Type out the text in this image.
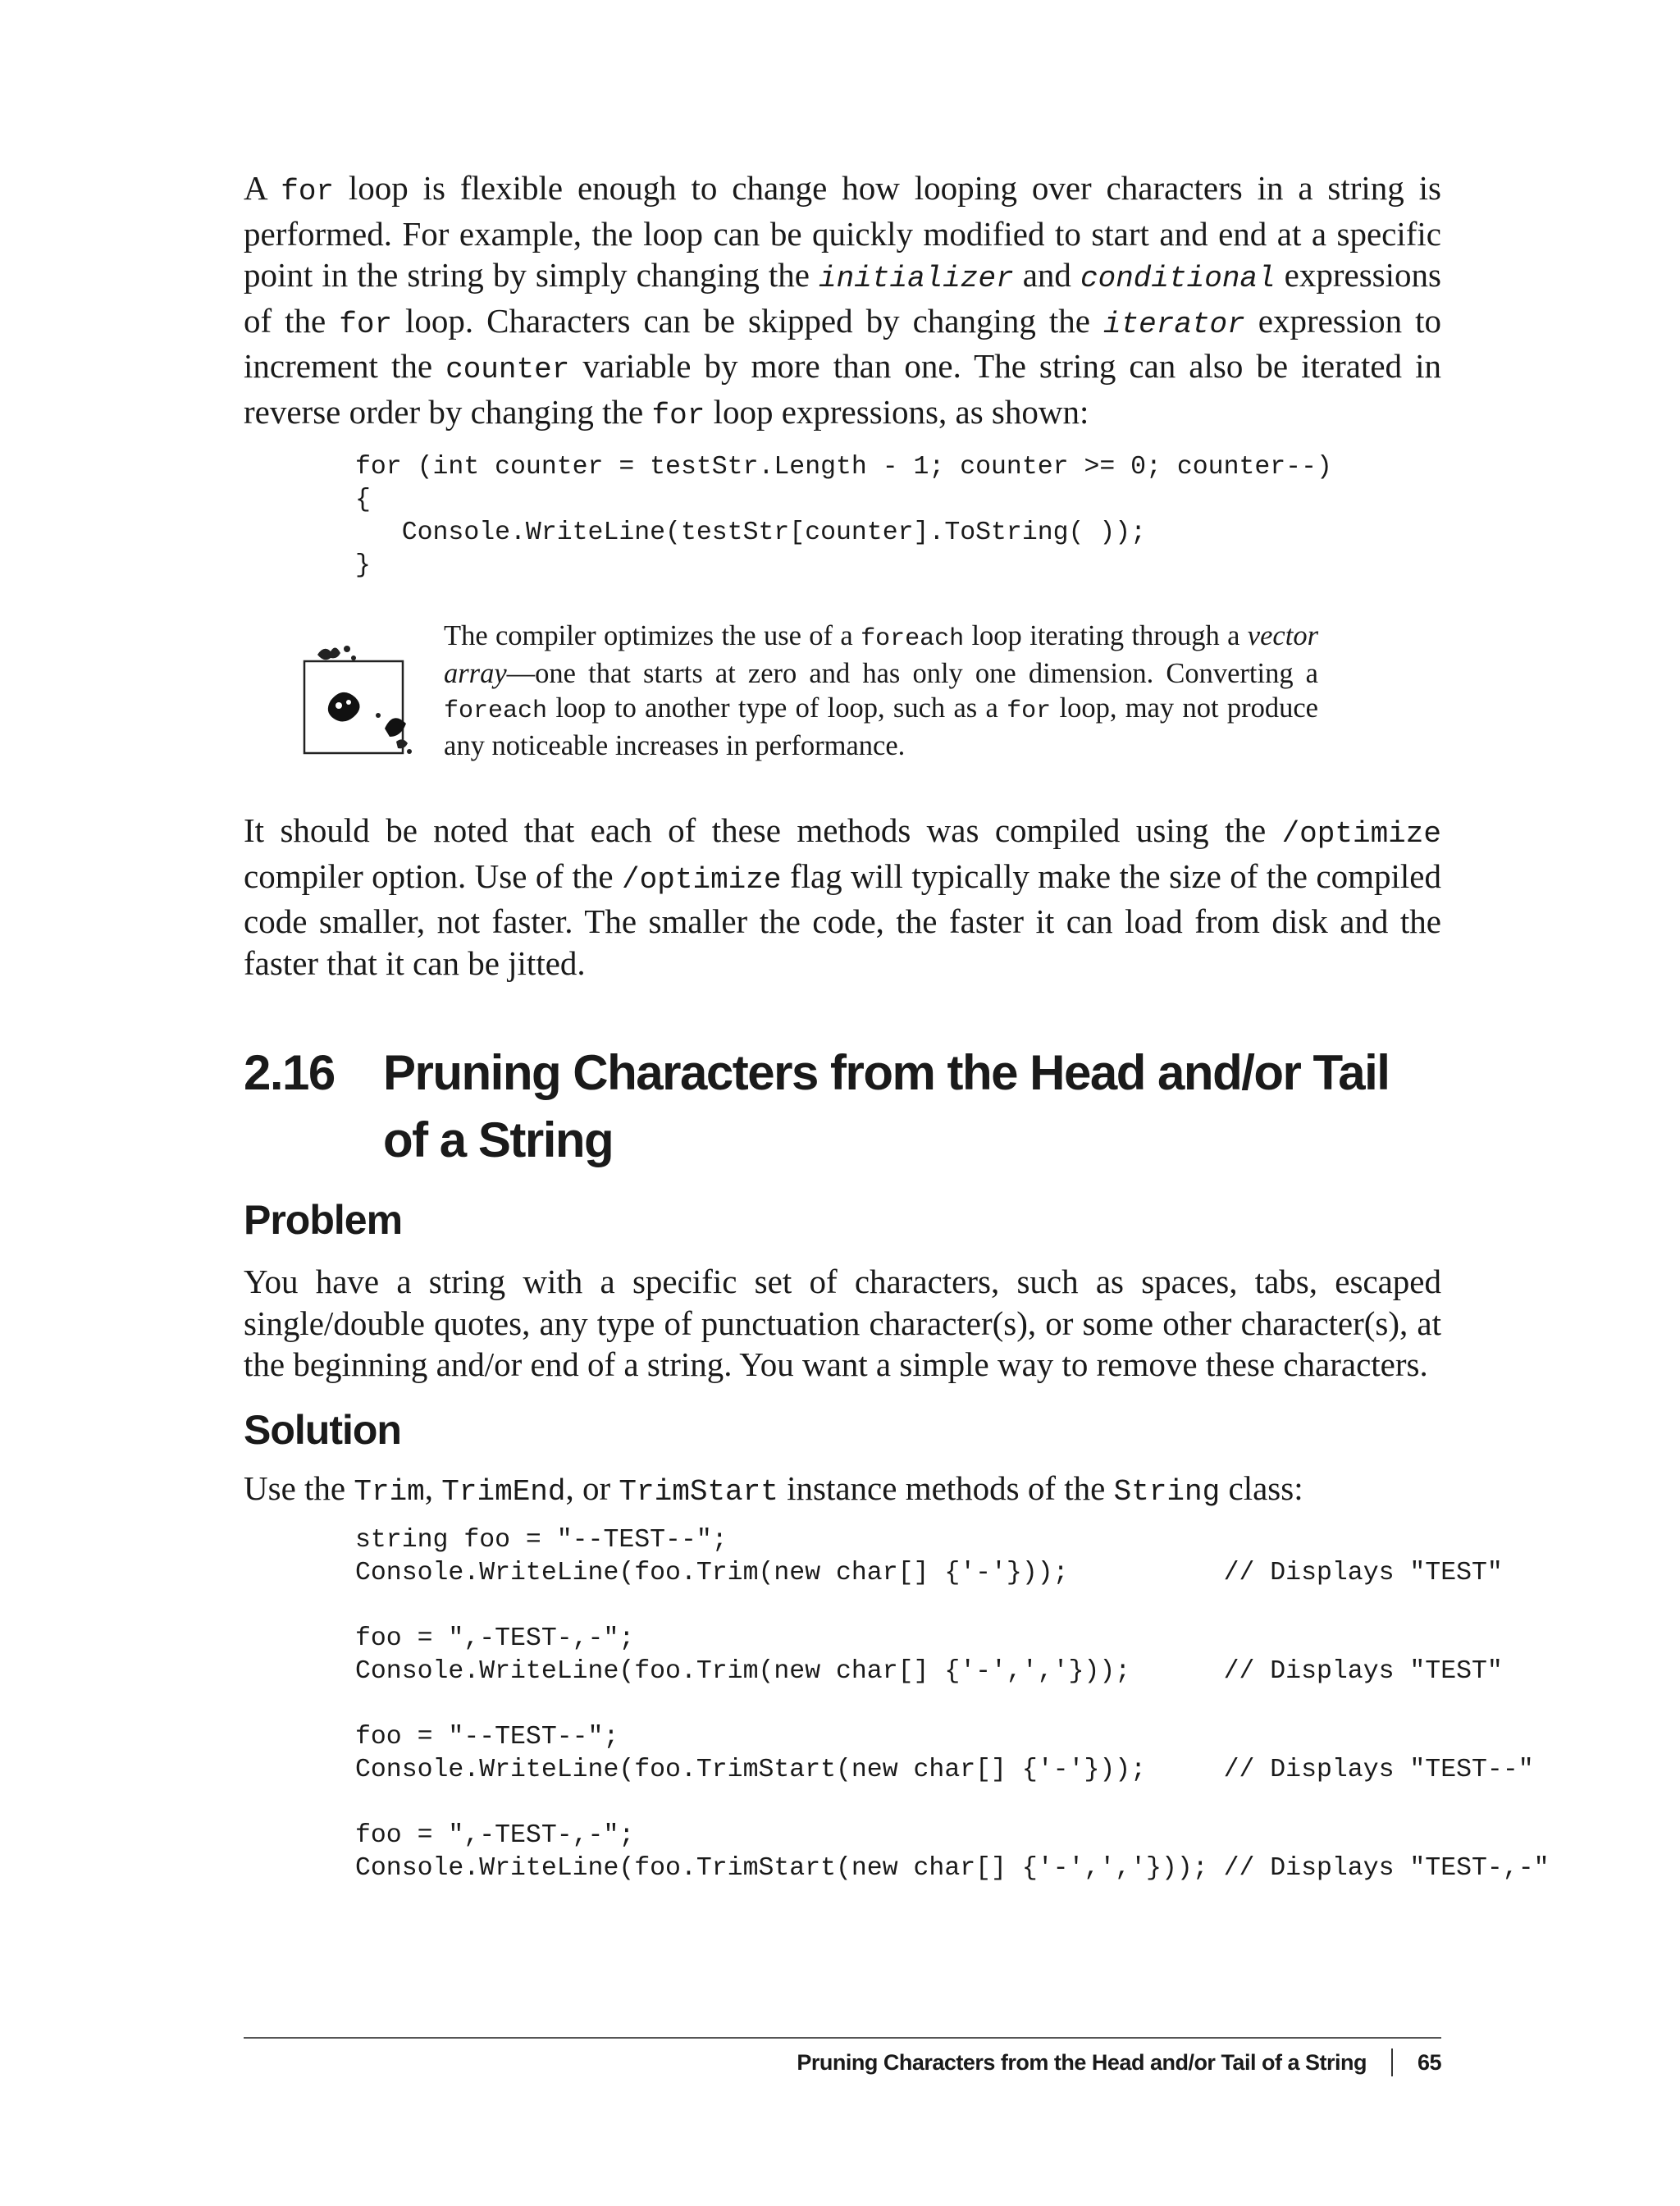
A for loop is flexible enough to change how looping over characters in a string is performed. For example, the loop can be quickly modified to start and end at a specific point in the string by simply changing the initializer and conditional expressions of the for loop. Characters can be skipped by changing the iterator expression to increment the counter variable by more than one. The string can also be iterated in reverse order by changing the for loop expressions, as shown:

for (int counter = testStr.Length - 1; counter >= 0; counter--)
{
Console.WriteLine(testStr[counter].ToString( ));
}

The compiler optimizes the use of a foreach loop iterating through a vector array—one that starts at zero and has only one dimension. Converting a foreach loop to another type of loop, such as a for loop, may not produce any noticeable increases in performance.

It should be noted that each of these methods was compiled using the /optimize compiler option. Use of the /optimize flag will typically make the size of the compiled code smaller, not faster. The smaller the code, the faster it can load from disk and the faster that it can be jitted.

2.16 Pruning Characters from the Head and/or Tail of a String
Problem

You have a string with a specific set of characters, such as spaces, tabs, escaped single/double quotes, any type of punctuation character(s), or some other character(s), at the beginning and/or end of a string. You want a simple way to remove these characters.

Solution

Use the Trim, TrimEnd, or TrimStart instance methods of the String class:

string foo = "--TEST--";
Console.WriteLine(foo.Trim(new char[] {'-'}));          // Displays "TEST"

foo = ",-TEST-,-";
Console.WriteLine(foo.Trim(new char[] {'-',','}));      // Displays "TEST"

foo = "--TEST--";
Console.WriteLine(foo.TrimStart(new char[] {'-'}));     // Displays "TEST--"

foo = ",-TEST-,-";
Console.WriteLine(foo.TrimStart(new char[] {'-',','})); // Displays "TEST-,-"
Pruning Characters from the Head and/or Tail of a String 65
